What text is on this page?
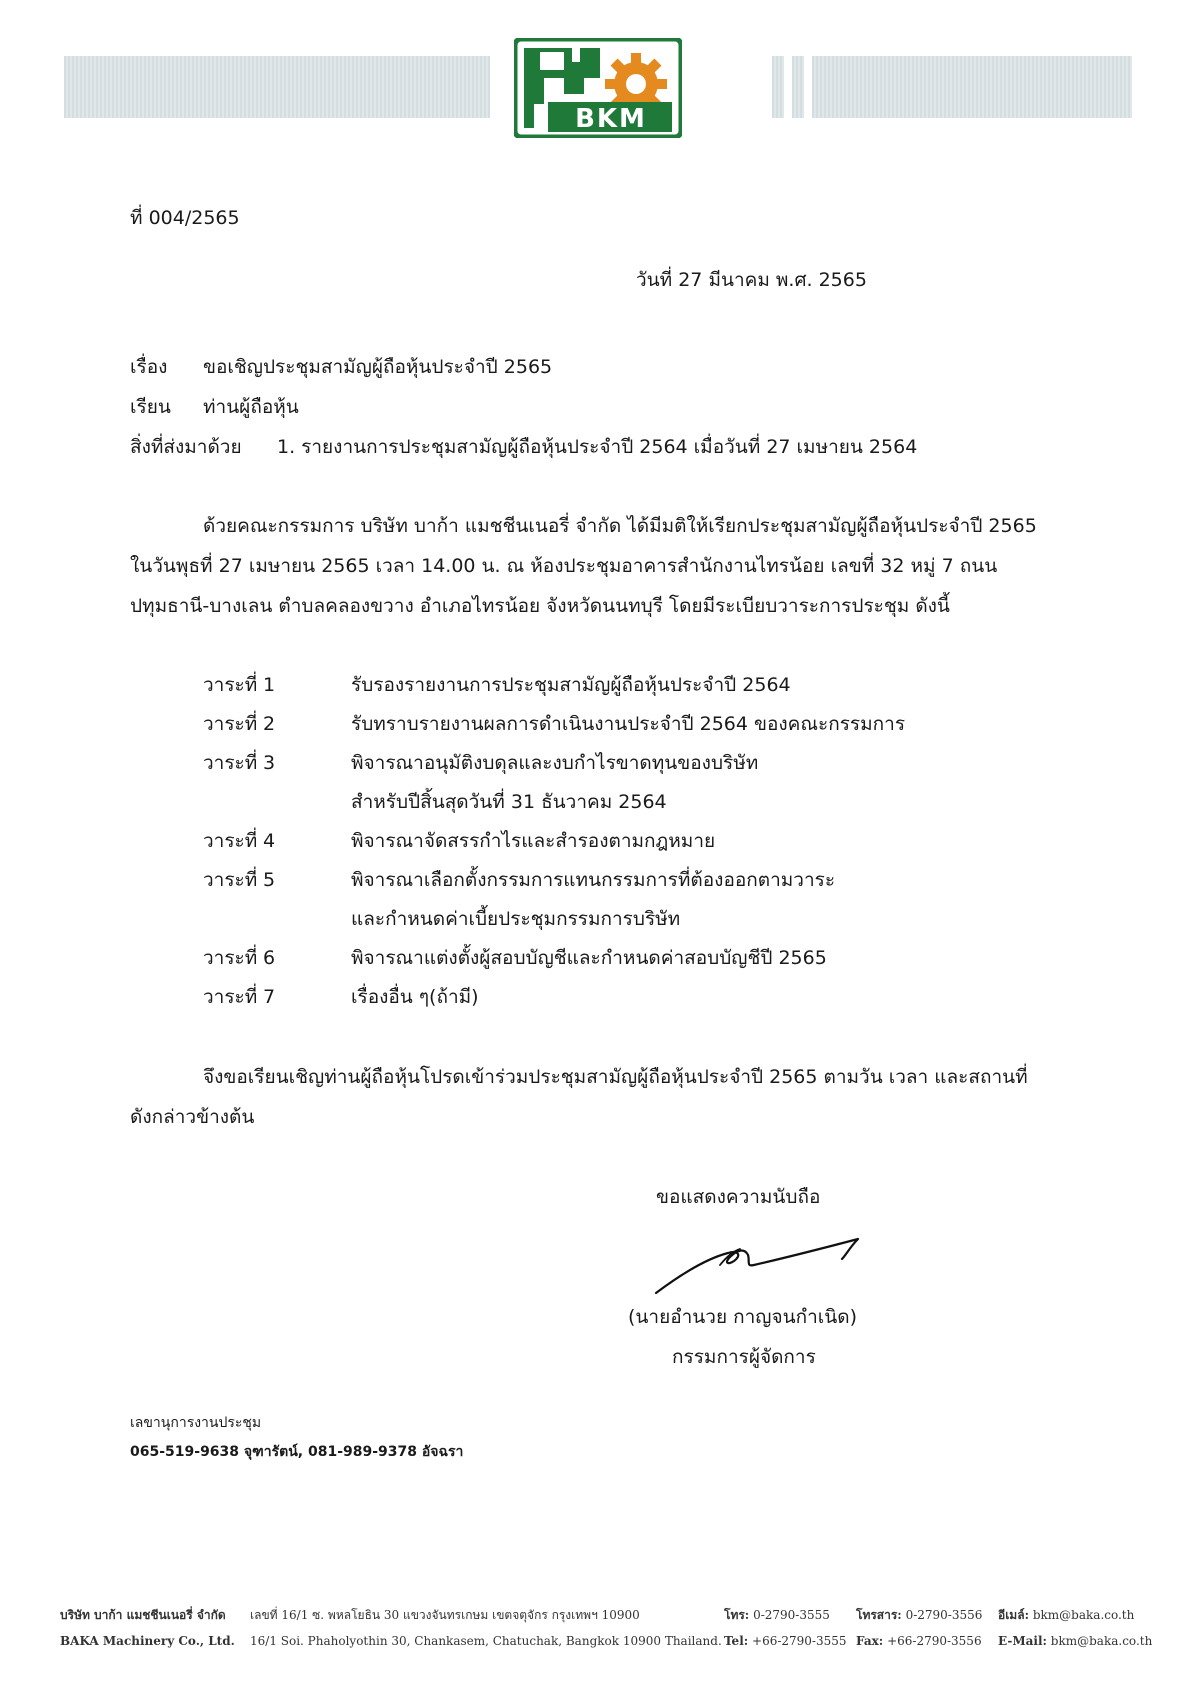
BKM
ที่ 004/2565
วันที่ 27 มีนาคม พ.ศ. 2565
เรื่อง ขอเชิญประชุมสามัญผู้ถือหุ้นประจำปี 2565
เรียน ท่านผู้ถือหุ้น
สิ่งที่ส่งมาด้วย 1. รายงานการประชุมสามัญผู้ถือหุ้นประจำปี 2564 เมื่อวันที่ 27 เมษายน 2564
ด้วยคณะกรรมการ บริษัท บาก้า แมชชีนเนอรี่ จำกัด ได้มีมติให้เรียกประชุมสามัญผู้ถือหุ้นประจำปี 2565
ในวันพุธที่ 27 เมษายน 2565 เวลา 14.00 น. ณ ห้องประชุมอาคารสำนักงานไทรน้อย เลขที่ 32 หมู่ 7 ถนน
ปทุมธานี-บางเลน ตำบลคลองขวาง อำเภอไทรน้อย จังหวัดนนทบุรี โดยมีระเบียบวาระการประชุม ดังนี้
วาระที่ 1	รับรองรายงานการประชุมสามัญผู้ถือหุ้นประจำปี 2564
วาระที่ 2	รับทราบรายงานผลการดำเนินงานประจำปี 2564 ของคณะกรรมการ
วาระที่ 3	พิจารณาอนุมัติงบดุลและงบกำไรขาดทุนของบริษัท
สำหรับปีสิ้นสุดวันที่ 31 ธันวาคม 2564
วาระที่ 4	พิจารณาจัดสรรกำไรและสำรองตามกฎหมาย
วาระที่ 5	พิจารณาเลือกตั้งกรรมการแทนกรรมการที่ต้องออกตามวาระ
และกำหนดค่าเบี้ยประชุมกรรมการบริษัท
วาระที่ 6	พิจารณาแต่งตั้งผู้สอบบัญชีและกำหนดค่าสอบบัญชีปี 2565
วาระที่ 7	เรื่องอื่น ๆ(ถ้ามี)
จึงขอเรียนเชิญท่านผู้ถือหุ้นโปรดเข้าร่วมประชุมสามัญผู้ถือหุ้นประจำปี 2565 ตามวัน เวลา และสถานที่
ดังกล่าวข้างต้น
ขอแสดงความนับถือ
(นายอำนวย กาญจนกำเนิด)
กรรมการผู้จัดการ
เลขานุการงานประชุม
065-519-9638 จุฑารัตน์, 081-989-9378 อัจฉรา
บริษัท บาก้า แมชชีนเนอรี่ จำกัด เลขที่ 16/1 ซ. พหลโยธิน 30 แขวงจันทรเกษม เขตจตุจักร กรุงเทพฯ 10900
BAKA Machinery Co., Ltd. 16/1 Soi. Phaholyothin 30, Chankasem, Chatuchak, Bangkok 10900 Thailand.
โทร: 0-2790-3555
Tel: +66-2790-3555
โทรสาร: 0-2790-3556
Fax: +66-2790-3556
อีเมล์: bkm@baka.co.th
E-Mail: bkm@baka.co.th
